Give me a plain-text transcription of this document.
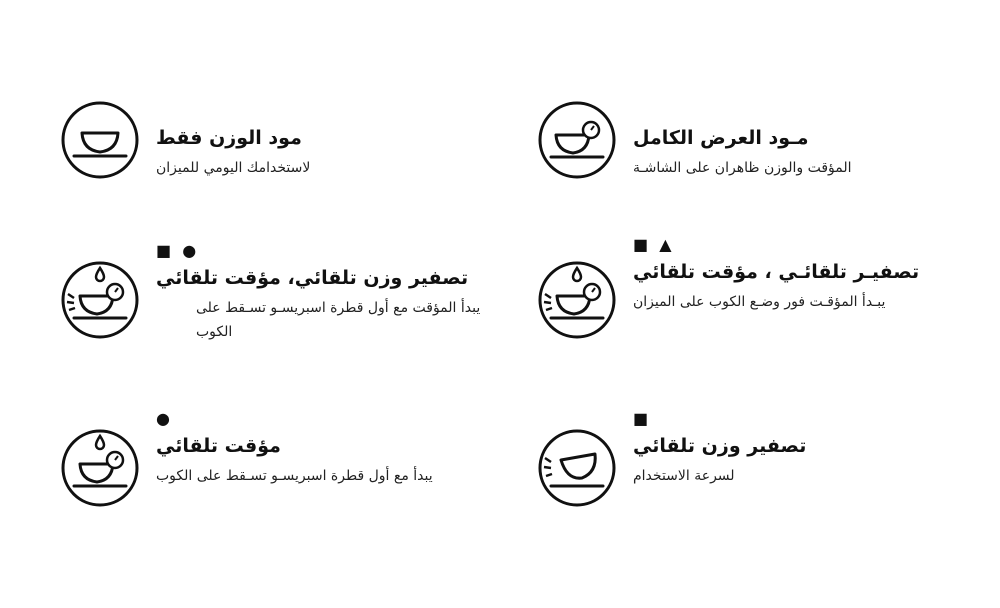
مود الوزن فقط

لاستخدامك اليومي للميزان

مـود العرض الكامل

المؤقت والوزن ظاهران على الشاشـة

■ ●

تصفير وزن تلقائي، مؤقت تلقائي

يبدأ المؤقت مع أول قطرة اسبريسـو تسـقط على الكوب

■ ▲

تصفيـر تلقائـي ، مؤقت تلقائي

يبـدأ المؤقـت فور وضـع الكوب على الميزان

●

مؤقت تلقائي

يبدأ مع أول قطرة اسبريسـو تسـقط على الكوب

■

تصفير وزن تلقائي

لسرعة الاستخدام
